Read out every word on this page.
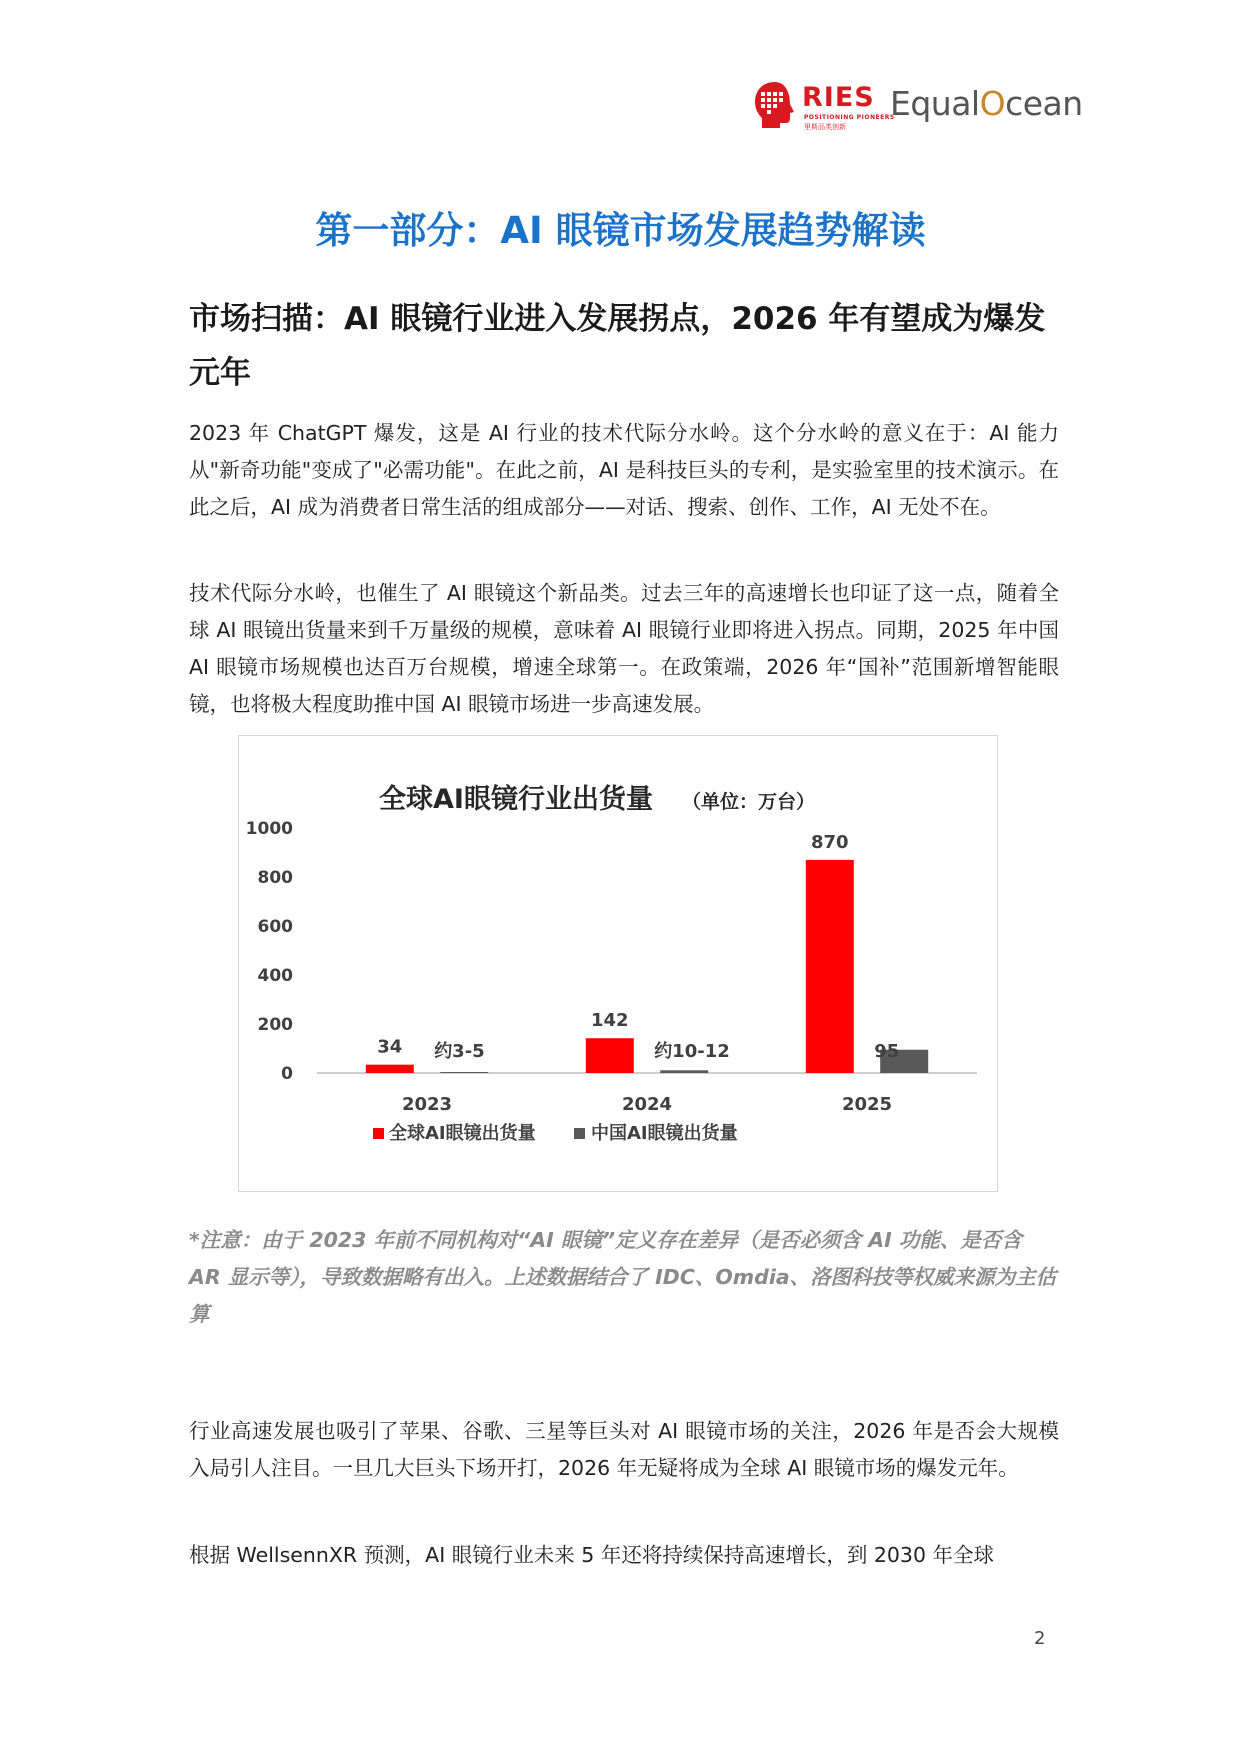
RIES
POSITIONING PIONEERS
里斯品类创新
EqualOcean
第一部分：AI 眼镜市场发展趋势解读
市场扫描：AI 眼镜行业进入发展拐点，2026 年有望成为爆发元年

2023 年 ChatGPT 爆发，这是 AI 行业的技术代际分水岭。这个分水岭的意义在于：AI 能力从"新奇功能"变成了"必需功能"。在此之前，AI 是科技巨头的专利，是实验室里的技术演示。在此之后，AI 成为消费者日常生活的组成部分——对话、搜索、创作、工作，AI 无处不在。

技术代际分水岭，也催生了 AI 眼镜这个新品类。过去三年的高速增长也印证了这一点，随着全球 AI 眼镜出货量来到千万量级的规模，意味着 AI 眼镜行业即将进入拐点。同期，2025 年中国 AI 眼镜市场规模也达百万台规模，增速全球第一。在政策端，2026 年“国补”范围新增智能眼镜，也将极大程度助推中国 AI 眼镜市场进一步高速发展。

全球AI眼镜行业出货量 （单位：万台）
0
200
400
600
800
1000
2023
34 约3-5
2024
142
约10-12
2025
870
95
全球AI眼镜出货量	中国AI眼镜出货量

*注意：由于 2023 年前不同机构对“AI 眼镜”定义存在差异（是否必须含 AI 功能、是否含 AR 显示等），导致数据略有出入。上述数据结合了 IDC、Omdia、洛图科技等权威来源为主估算

行业高速发展也吸引了苹果、谷歌、三星等巨头对 AI 眼镜市场的关注，2026 年是否会大规模入局引人注目。一旦几大巨头下场开打，2026 年无疑将成为全球 AI 眼镜市场的爆发元年。

根据 WellsennXR 预测，AI 眼镜行业未来 5 年还将持续保持高速增长，到 2030 年全球

2
